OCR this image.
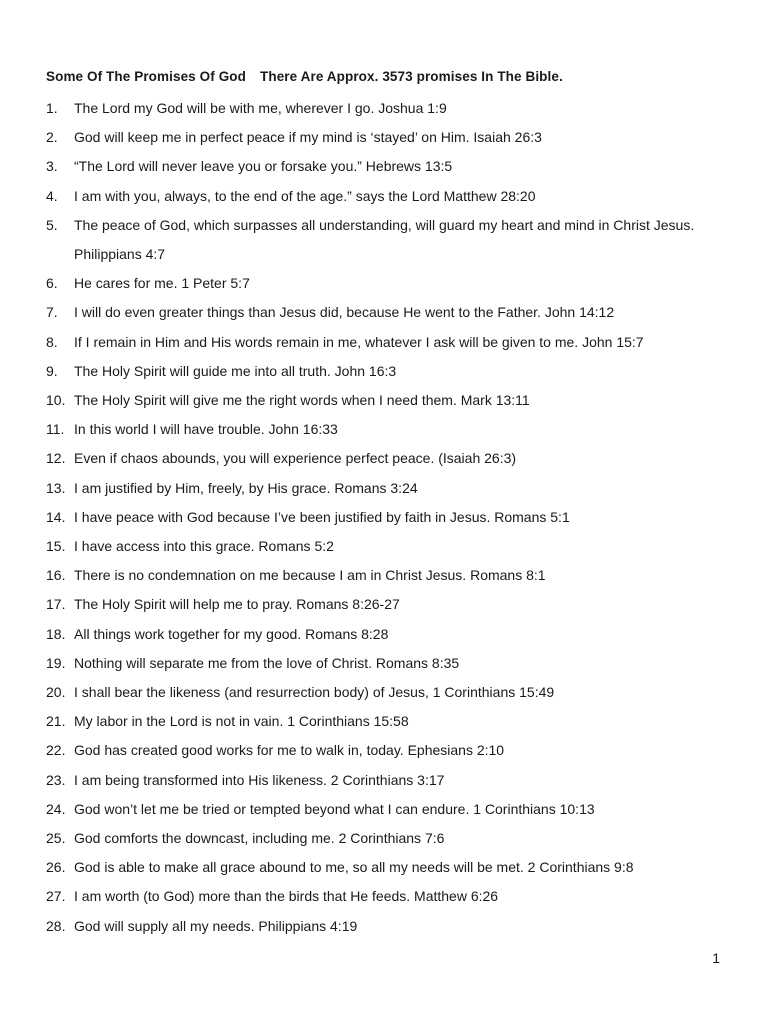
Some Of The Promises Of God There Are Approx. 3573 promises In The Bible.
1. The Lord my God will be with me, wherever I go. Joshua 1:9
2. God will keep me in perfect peace if my mind is ‘stayed’ on Him. Isaiah 26:3
3. “The Lord will never leave you or forsake you.” Hebrews 13:5
4. I am with you, always, to the end of the age.” says the Lord Matthew 28:20
5. The peace of God, which surpasses all understanding, will guard my heart and mind in Christ Jesus. Philippians 4:7
6. He cares for me. 1 Peter 5:7
7. I will do even greater things than Jesus did, because He went to the Father. John 14:12
8. If I remain in Him and His words remain in me, whatever I ask will be given to me. John 15:7
9. The Holy Spirit will guide me into all truth. John 16:3
10. The Holy Spirit will give me the right words when I need them. Mark 13:11
11. In this world I will have trouble. John 16:33
12. Even if chaos abounds, you will experience perfect peace. (Isaiah 26:3)
13. I am justified by Him, freely, by His grace. Romans 3:24
14. I have peace with God because I’ve been justified by faith in Jesus. Romans 5:1
15. I have access into this grace. Romans 5:2
16. There is no condemnation on me because I am in Christ Jesus. Romans 8:1
17. The Holy Spirit will help me to pray. Romans 8:26-27
18. All things work together for my good. Romans 8:28
19. Nothing will separate me from the love of Christ. Romans 8:35
20. I shall bear the likeness (and resurrection body) of Jesus, 1 Corinthians 15:49
21. My labor in the Lord is not in vain. 1 Corinthians 15:58
22. God has created good works for me to walk in, today. Ephesians 2:10
23. I am being transformed into His likeness. 2 Corinthians 3:17
24. God won’t let me be tried or tempted beyond what I can endure. 1 Corinthians 10:13
25. God comforts the downcast, including me. 2 Corinthians 7:6
26. God is able to make all grace abound to me, so all my needs will be met. 2 Corinthians 9:8
27. I am worth (to God) more than the birds that He feeds. Matthew 6:26
28. God will supply all my needs. Philippians 4:19
1
